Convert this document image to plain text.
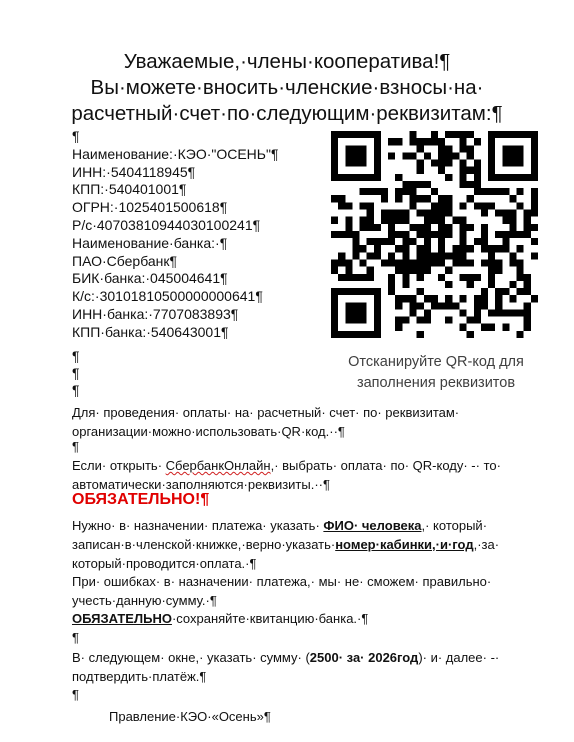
Уважаемые,·члены·кооператива!¶
Вы·можете·вносить·членские·взносы·на·
расчетный·счет·по·следующим·реквизитам:¶
¶
Наименование:·КЭО·"ОСЕНЬ"¶
ИНН:·5404118945¶
КПП:·540401001¶
ОГРН:·1025401500618¶
Р/с·40703810944030100241¶
Наименование·банка:·¶
ПАО·Сбербанк¶
БИК·банка:·045004641¶
К/с:·30101810500000000641¶
ИНН·банка:·7707083893¶
КПП·банка:·540643001¶
Отсканируйте QR-код для
заполнения реквизитов
¶
¶
¶
Для· проведения· оплаты· на· расчетный· счет· по· реквизитам·
организации·можно·использовать·QR·код.··¶
¶
Если· открыть· СбербанкОнлайн,· выбрать· оплата· по· QR-коду· -· то·
автоматически·заполняются·реквизиты.··¶
ОБЯЗАТЕЛЬНО!¶
Нужно· в· назначении· платежа· указать· ФИО· человека,· который·
записан·в·членской·книжке,·верно·указать·номер·кабинки,·и·год,·за·
который·проводится·оплата.·¶
При· ошибках· в· назначении· платежа,· мы· не· сможем· правильно·
учесть·данную·сумму.·¶
ОБЯЗАТЕЛЬНО·сохраняйте·квитанцию·банка.·¶
¶
В· следующем· окне,· указать· сумму· (2500· за· 2026год)· и· далее· -·
подтвердить·платёж.¶
¶
Правление·КЭО·«Осень»¶
